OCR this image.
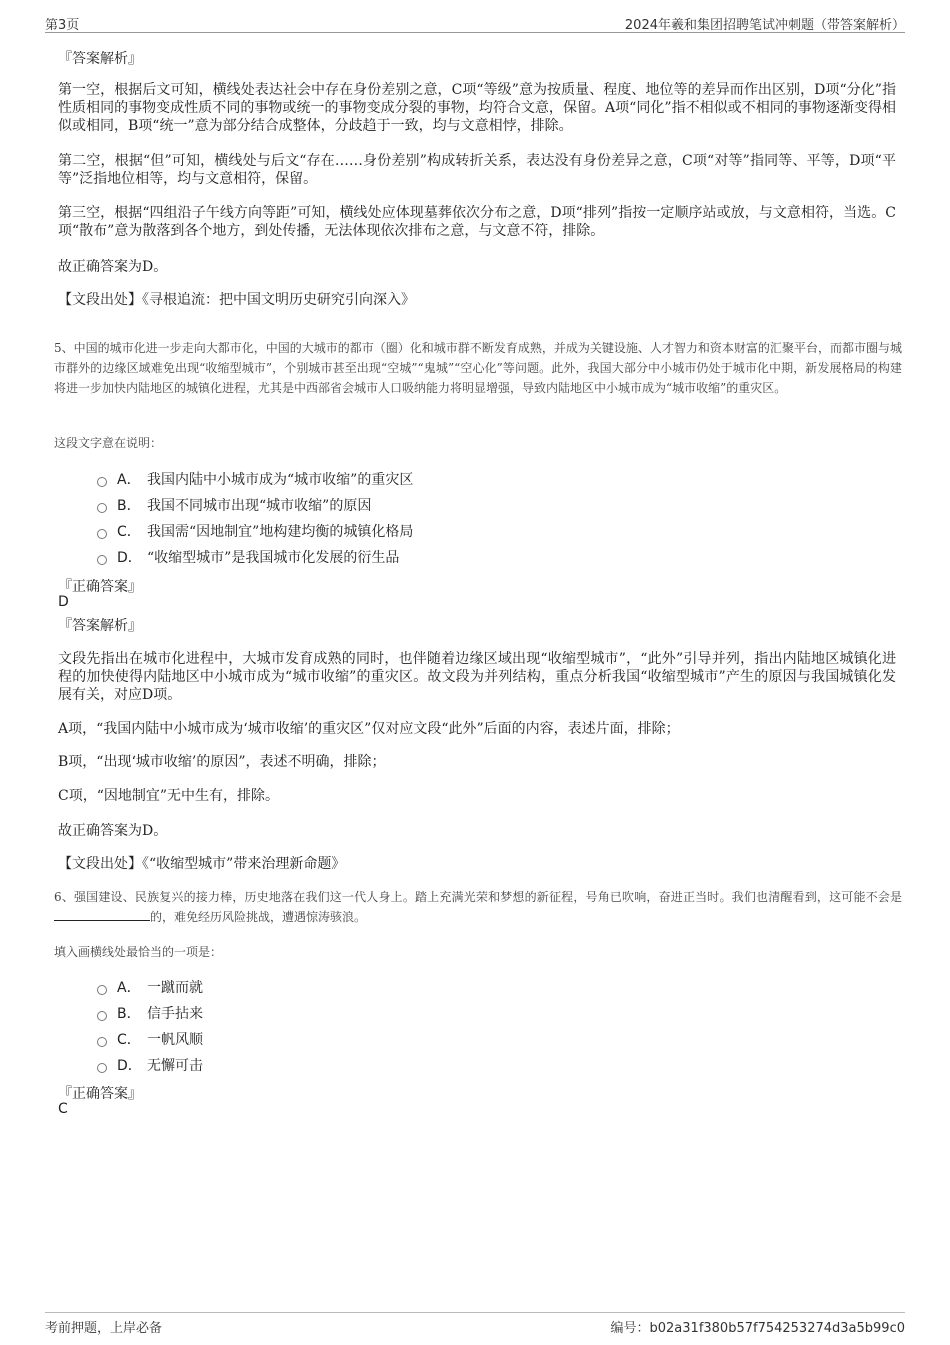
第3页	2024年羲和集团招聘笔试冲刺题（带答案解析）
『答案解析』
第一空，根据后文可知，横线处表达社会中存在身份差别之意，C项“等级”意为按质量、程度、地位等的差异而作出区别，D项“分化”指性质相同的事物变成性质不同的事物或统一的事物变成分裂的事物，均符合文意，保留。A项“同化”指不相似或不相同的事物逐渐变得相似或相同，B项“统一”意为部分结合成整体，分歧趋于一致，均与文意相悖，排除。
第二空，根据“但”可知，横线处与后文“存在……身份差别”构成转折关系，表达没有身份差异之意，C项“对等”指同等、平等，D项“平等”泛指地位相等，均与文意相符，保留。
第三空，根据“四组沿子午线方向等距”可知，横线处应体现墓葬依次分布之意，D项“排列”指按一定顺序站或放，与文意相符，当选。C项“散布”意为散落到各个地方，到处传播，无法体现依次排布之意，与文意不符，排除。
故正确答案为D。
【文段出处】《寻根追流：把中国文明历史研究引向深入》
5、中国的城市化进一步走向大都市化，中国的大城市的都市（圈）化和城市群不断发育成熟，并成为关键设施、人才智力和资本财富的汇聚平台，而都市圈与城市群外的边缘区域难免出现“收缩型城市”，个别城市甚至出现“空城”“鬼城”“空心化”等问题。此外，我国大部分中小城市仍处于城市化中期，新发展格局的构建将进一步加快内陆地区的城镇化进程，尤其是中西部省会城市人口吸纳能力将明显增强，导致内陆地区中小城市成为“城市收缩”的重灾区。
这段文字意在说明：
A． 我国内陆中小城市成为“城市收缩”的重灾区
B． 我国不同城市出现“城市收缩”的原因
C． 我国需“因地制宜”地构建均衡的城镇化格局
D． “收缩型城市”是我国城市化发展的衍生品
『正确答案』
D
『答案解析』
文段先指出在城市化进程中，大城市发育成熟的同时，也伴随着边缘区域出现“收缩型城市”，“此外”引导并列，指出内陆地区城镇化进程的加快使得内陆地区中小城市成为“城市收缩”的重灾区。故文段为并列结构，重点分析我国“收缩型城市”产生的原因与我国城镇化发展有关，对应D项。
A项，“我国内陆中小城市成为‘城市收缩’的重灾区”仅对应文段“此外”后面的内容，表述片面，排除；
B项，“出现‘城市收缩’的原因”，表述不明确，排除；
C项，“因地制宜”无中生有，排除。
故正确答案为D。
【文段出处】《“收缩型城市”带来治理新命题》
6、强国建设、民族复兴的接力棒，历史地落在我们这一代人身上。踏上充满光荣和梦想的新征程，号角已吹响，奋进正当时。我们也清醒看到，这可能不会是的，难免经历风险挑战，遭遇惊涛骇浪。
填入画横线处最恰当的一项是：
A． 一蹴而就
B． 信手拈来
C． 一帆风顺
D． 无懈可击
『正确答案』
C
考前押题，上岸必备	编号：b02a31f380b57f754253274d3a5b99c0
